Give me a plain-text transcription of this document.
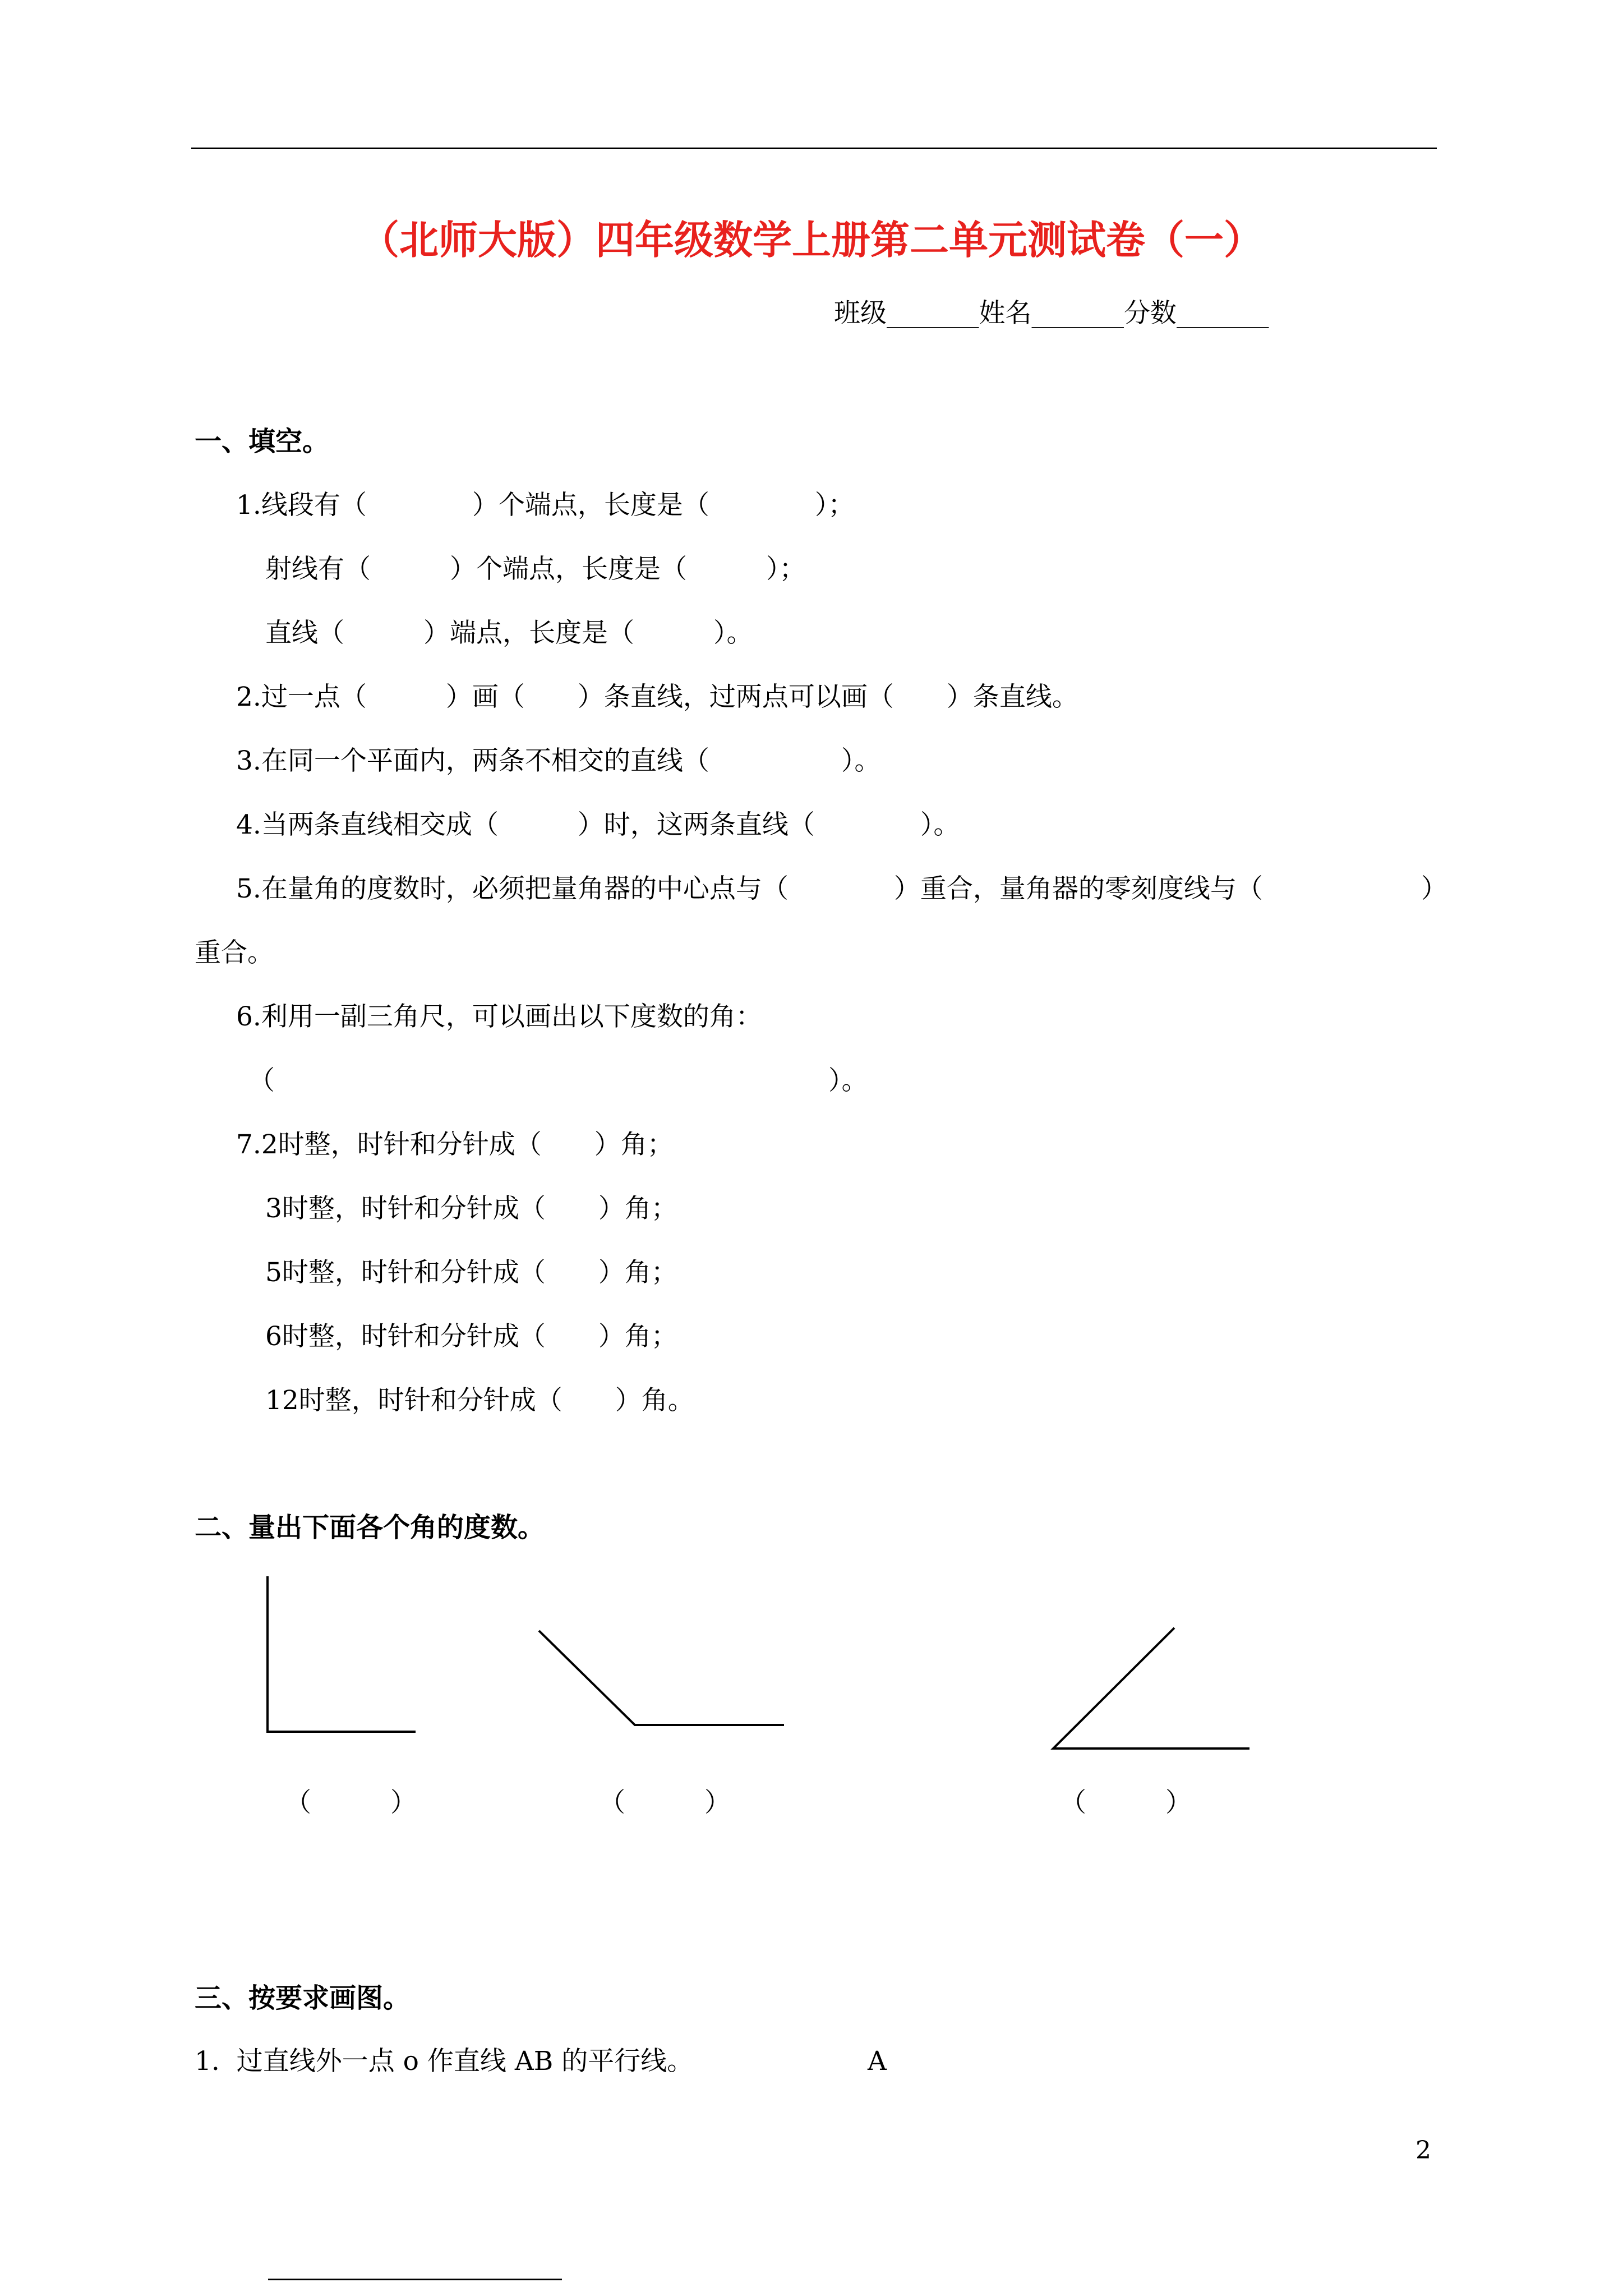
（北师大版）四年级数学上册第二单元测试卷（一）
班级_______姓名_______分数_______
一、填空。
1.线段有（　　　　）个端点，长度是（　　　　）；
射线有（　　　）个端点，长度是（　　　）；
直线（　　　）端点，长度是（　　　）。
2.过一点（　　　）画（　　）条直线，过两点可以画（　　）条直线。
3.在同一个平面内，两条不相交的直线（　　　　　）。
4.当两条直线相交成（　　　）时，这两条直线（　　　　）。
5.在量角的度数时，必须把量角器的中心点与（　　　　）重合，量角器的零刻度线与（　　　　　　）
重合。
6.利用一副三角尺，可以画出以下度数的角：
（　　　　　　　　　　　　　　　　　　　　　）。
7.2时整，时针和分针成（　　）角；
3时整，时针和分针成（　　）角；
5时整，时针和分针成（　　）角；
6时整，时针和分针成（　　）角；
12时整，时针和分针成（　　）角。
二、量出下面各个角的度数。
（　　　）	（　　　）	（　　　）
三、按要求画图。
1.  过直线外一点 o 作直线 AB 的平行线。	A
2
